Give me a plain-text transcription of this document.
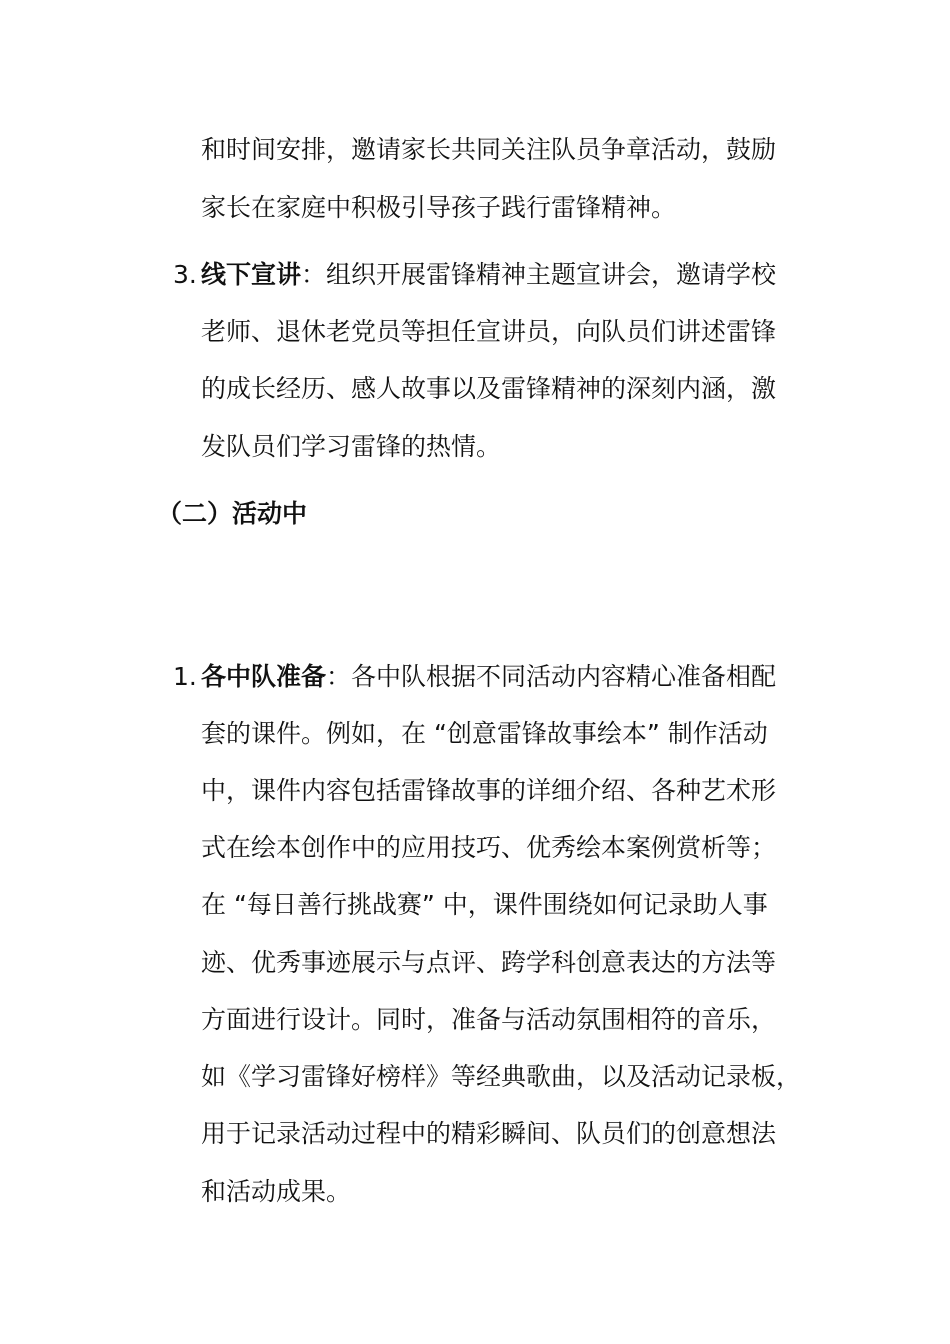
和时间安排，邀请家长共同关注队员争章活动，鼓励
家长在家庭中积极引导孩子践行雷锋精神。
3. 线下宣讲：组织开展雷锋精神主题宣讲会，邀请学校
老师、退休老党员等担任宣讲员，向队员们讲述雷锋
的成长经历、感人故事以及雷锋精神的深刻内涵，激
发队员们学习雷锋的热情。
（二）活动中
1. 各中队准备：各中队根据不同活动内容精心准备相配
套的课件。例如，在 “创意雷锋故事绘本” 制作活动
中，课件内容包括雷锋故事的详细介绍、各种艺术形
式在绘本创作中的应用技巧、优秀绘本案例赏析等；
在 “每日善行挑战赛” 中，课件围绕如何记录助人事
迹、优秀事迹展示与点评、跨学科创意表达的方法等
方面进行设计。同时，准备与活动氛围相符的音乐，
如《学习雷锋好榜样》等经典歌曲，以及活动记录板，
用于记录活动过程中的精彩瞬间、队员们的创意想法
和活动成果。
